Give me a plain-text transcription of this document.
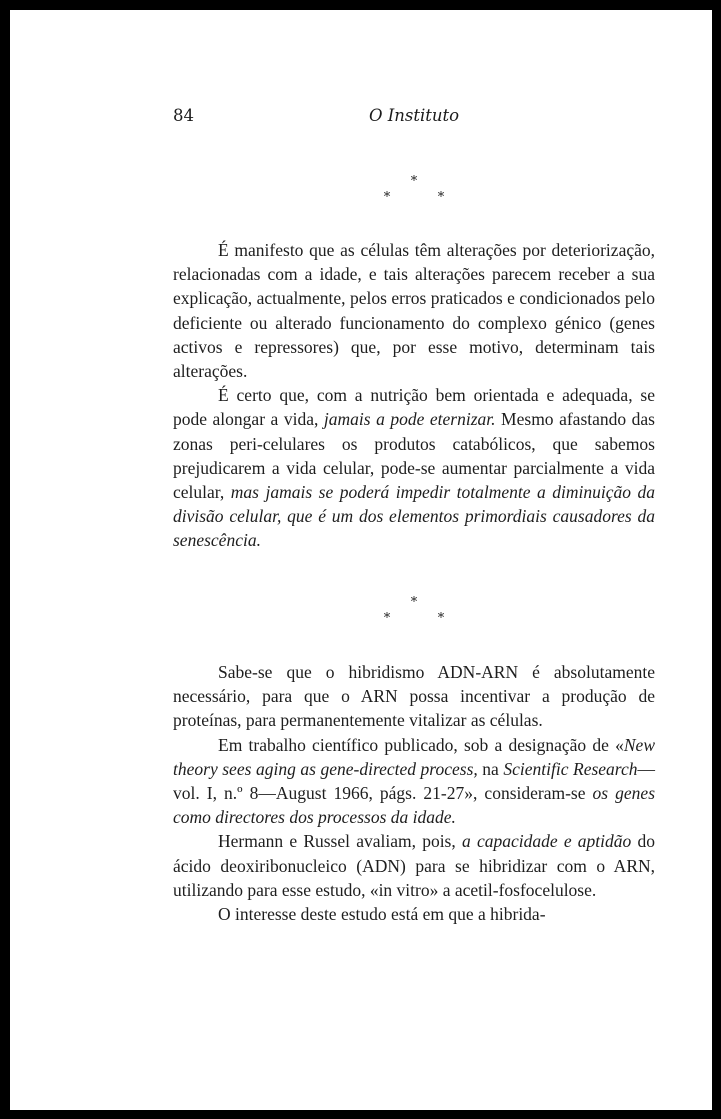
84	O Instituto
*
*	*

É manifesto que as células têm alterações por deteriorização, relacionadas com a idade, e tais alterações parecem receber a sua explicação, actualmente, pelos erros praticados e condicionados pelo deficiente ou alterado funcionamento do complexo génico (genes activos e repressores) que, por esse motivo, determinam tais alterações.

É certo que, com a nutrição bem orientada e adequada, se pode alongar a vida, jamais a pode eternizar. Mesmo afastando das zonas peri-celulares os produtos catabólicos, que sabemos prejudicarem a vida celular, pode-se aumentar parcialmente a vida celular, mas jamais se poderá impedir totalmente a diminuição da divisão celular, que é um dos elementos primordiais causadores da senescência.

*
*	*

Sabe-se que o hibridismo ADN-ARN é absolutamente necessário, para que o ARN possa incentivar a produção de proteínas, para permanentemente vitalizar as células.

Em trabalho científico publicado, sob a designação de «New theory sees aging as gene-directed process, na Scientific Research—vol. I, n.º 8—August 1966, págs. 21-27», consideram-se os genes como directores dos processos da idade.

Hermann e Russel avaliam, pois, a capacidade e aptidão do ácido deoxiribonucleico (ADN) para se hibridizar com o ARN, utilizando para esse estudo, «in vitro» a acetil-fosfocelulose.

O interesse deste estudo está em que a hibrida-
